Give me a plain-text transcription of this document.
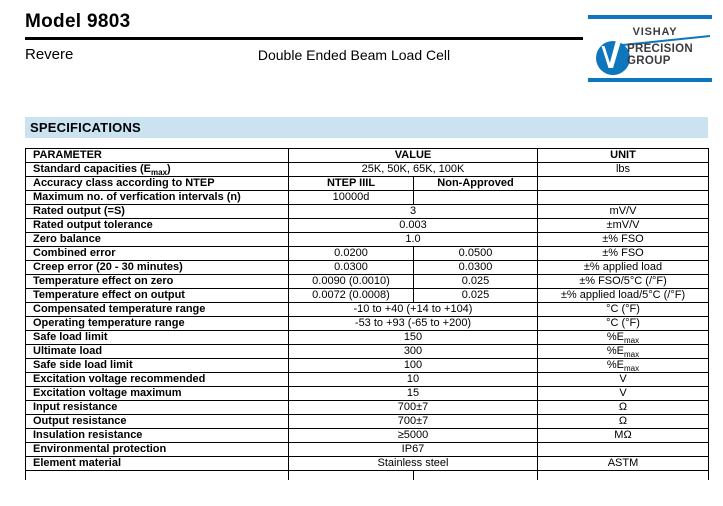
Model 9803
Revere	Double Ended Beam Load Cell
VISHAY
PRECISION
GROUP
SPECIFICATIONS
PARAMETER	VALUE		UNIT
Standard capacities $(E_{max})$	25K, 50K, 65K, 100K		lbs
Accuracy class according to NTEP	NTEP IIIL	Non-Approved	
Maximum no. of verfication intervals (n)	10000d		
Rated output (=S)	3		mV/V
Rated output tolerance	0.003		±mV/V
Zero balance	1.0		±% FSO
Combined error	0.0200	0.0500	±% FSO
Creep error (20 - 30 minutes)	0.0300	0.0300	±% applied load
Temperature effect on zero	0.0090 (0.0010)	0.025	±% FSO/5°C (/°F)
Temperature effect on output	0.0072 (0.0008)	0.025	±% applied load/5°C (/°F)
Compensated temperature range	-10 to +40 (+14 to +104)		°C (°F)
Operating temperature range	-53 to +93 (-65 to +200)		°C (°F)
Safe load limit	150		$\%E_{max}$
Ultimate load	300		$\%E_{max}$
Safe side load limit	100		$\%E_{max}$
Excitation voltage recommended	10		V
Excitation voltage maximum	15		V
Input resistance	700±7		Ω
Output resistance	700±7		Ω
Insulation resistance	≥5000		MΩ
Environmental protection	IP67		
Element material	Stainless steel		ASTM
